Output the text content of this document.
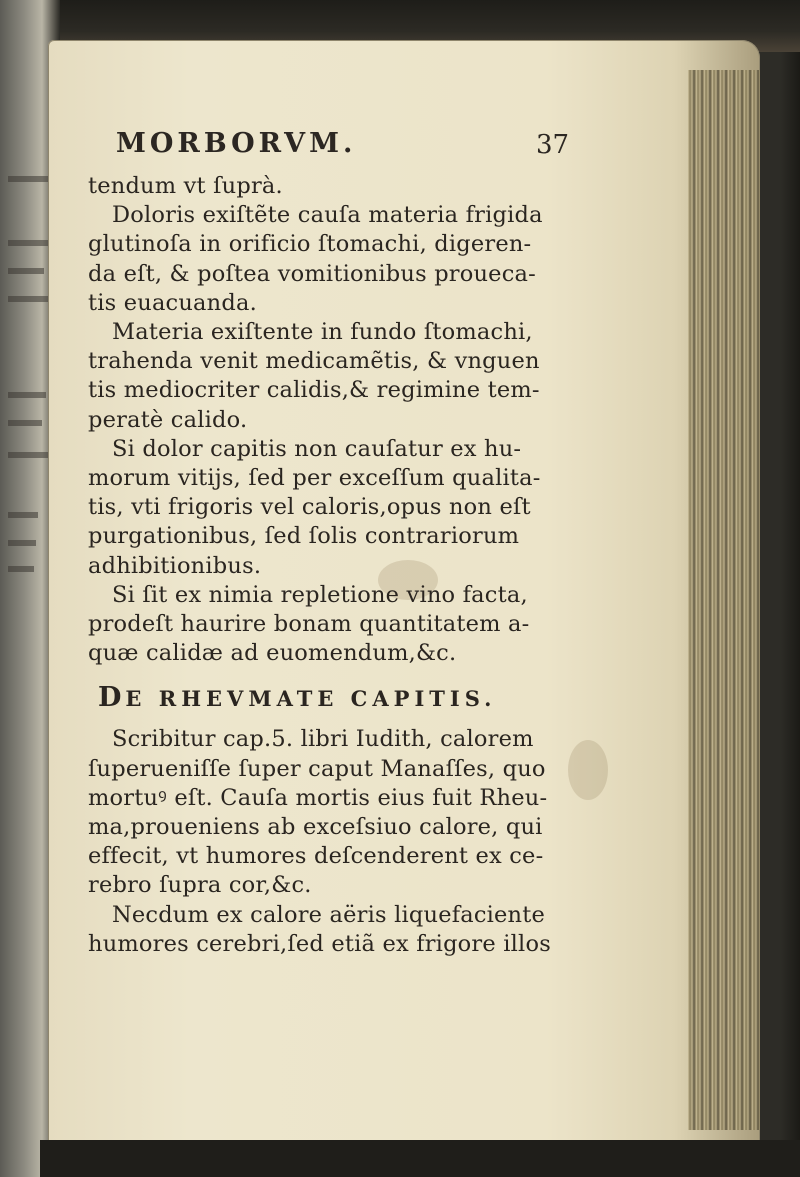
MORBORVM.	37
tendum vt ſuprà.
Doloris exiſtẽte cauſa materia frigida
glutinoſa in orificio ſtomachi, digeren-
da eſt, & poſtea vomitionibus proueca-
tis euacuanda.
Materia exiſtente in fundo ſtomachi,
trahenda venit medicamẽtis, & vnguen
tis mediocriter calidis,& regimine tem-
peratè calido.
Si dolor capitis non cauſatur ex hu-
morum vitijs, ſed per exceſſum qualita-
tis, vti frigoris vel caloris,opus non eſt
purgationibus, ſed ſolis contrariorum
adhibitionibus.
Si ſit ex nimia repletione vino facta,
prodeſt haurire bonam quantitatem a-
quæ calidæ ad euomendum,&c.
DE RHEVMATE CAPITIS.
Scribitur cap.5. libri Iudith, calorem
ſuperueniſſe ſuper caput Manaſſes, quo
mortuꝰ eſt. Cauſa mortis eius fuit Rheu-
ma,proueniens ab exceſsiuo calore, qui
effecit, vt humores deſcenderent ex ce-
rebro ſupra cor,&c.
Necdum ex calore aëris liquefaciente
humores cerebri,ſed etiã ex frigore illos
